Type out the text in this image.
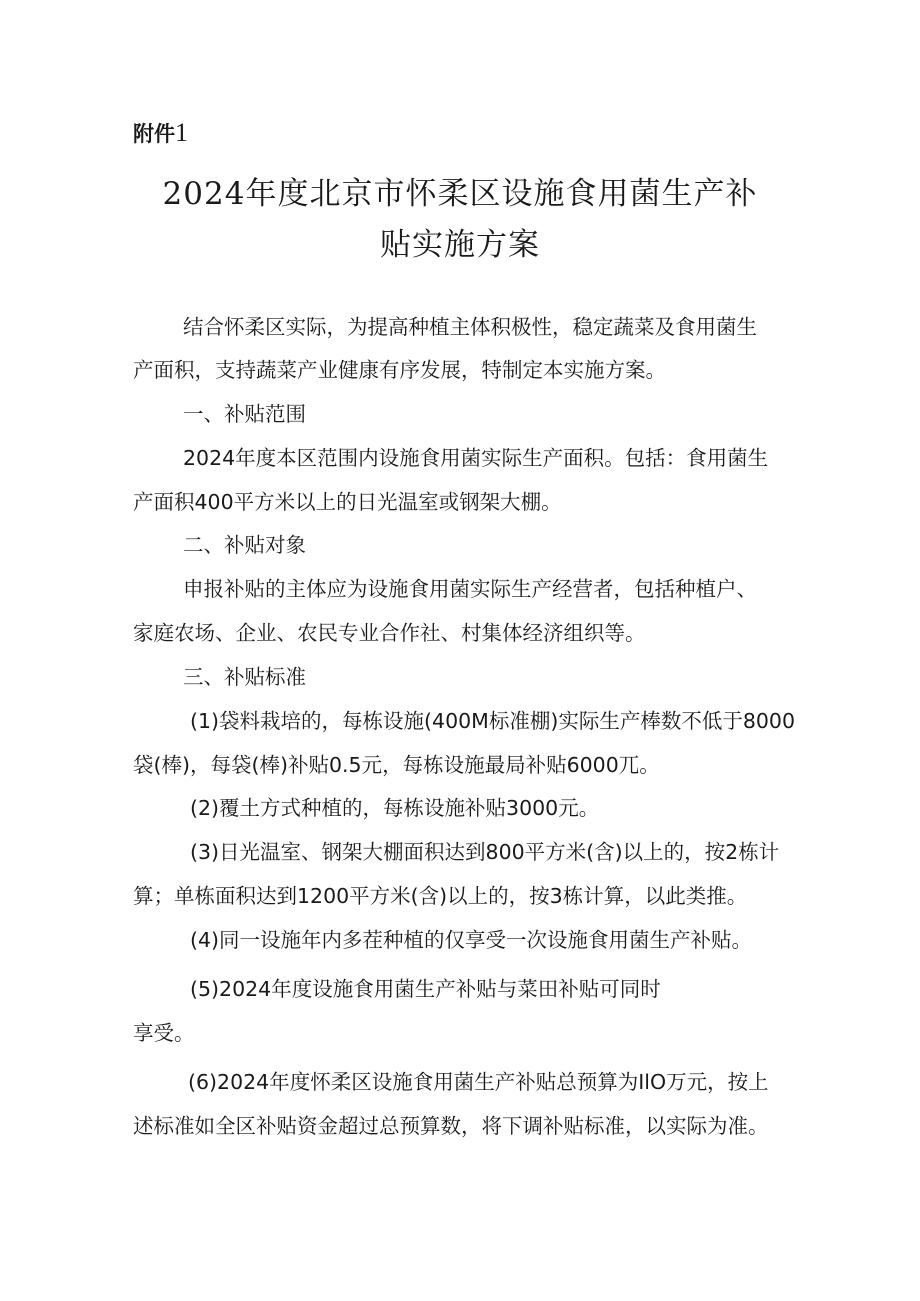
附件1
2024年度北京市怀柔区设施食用菌生产补
贴实施方案

结合怀柔区实际，为提高种植主体积极性，稳定蔬菜及食用菌生

产面积，支持蔬菜产业健康有序发展，特制定本实施方案。

一、补贴范围

2024年度本区范围内设施食用菌实际生产面积。包括：食用菌生

产面积400平方米以上的日光温室或钢架大棚。

二、补贴对象

申报补贴的主体应为设施食用菌实际生产经营者，包括种植户、

家庭农场、企业、农民专业合作社、村集体经济组织等。

三、补贴标准

(1)袋料栽培的，每栋设施(400M标准棚)实际生产棒数不低于8000

袋(棒)，每袋(棒)补贴0.5元，每栋设施最局补贴6000兀。

(2)覆土方式种植的，每栋设施补贴3000元。

(3)日光温室、钢架大棚面积达到800平方米(含)以上的，按2栋计

算；单栋面积达到1200平方米(含)以上的，按3栋计算，以此类推。

(4)同一设施年内多茬种植的仅享受一次设施食用菌生产补贴。

(5)2024年度设施食用菌生产补贴与菜田补贴可同时

享受。

(6)2024年度怀柔区设施食用菌生产补贴总预算为IlO万元，按上

述标准如全区补贴资金超过总预算数，将下调补贴标准，以实际为准。
